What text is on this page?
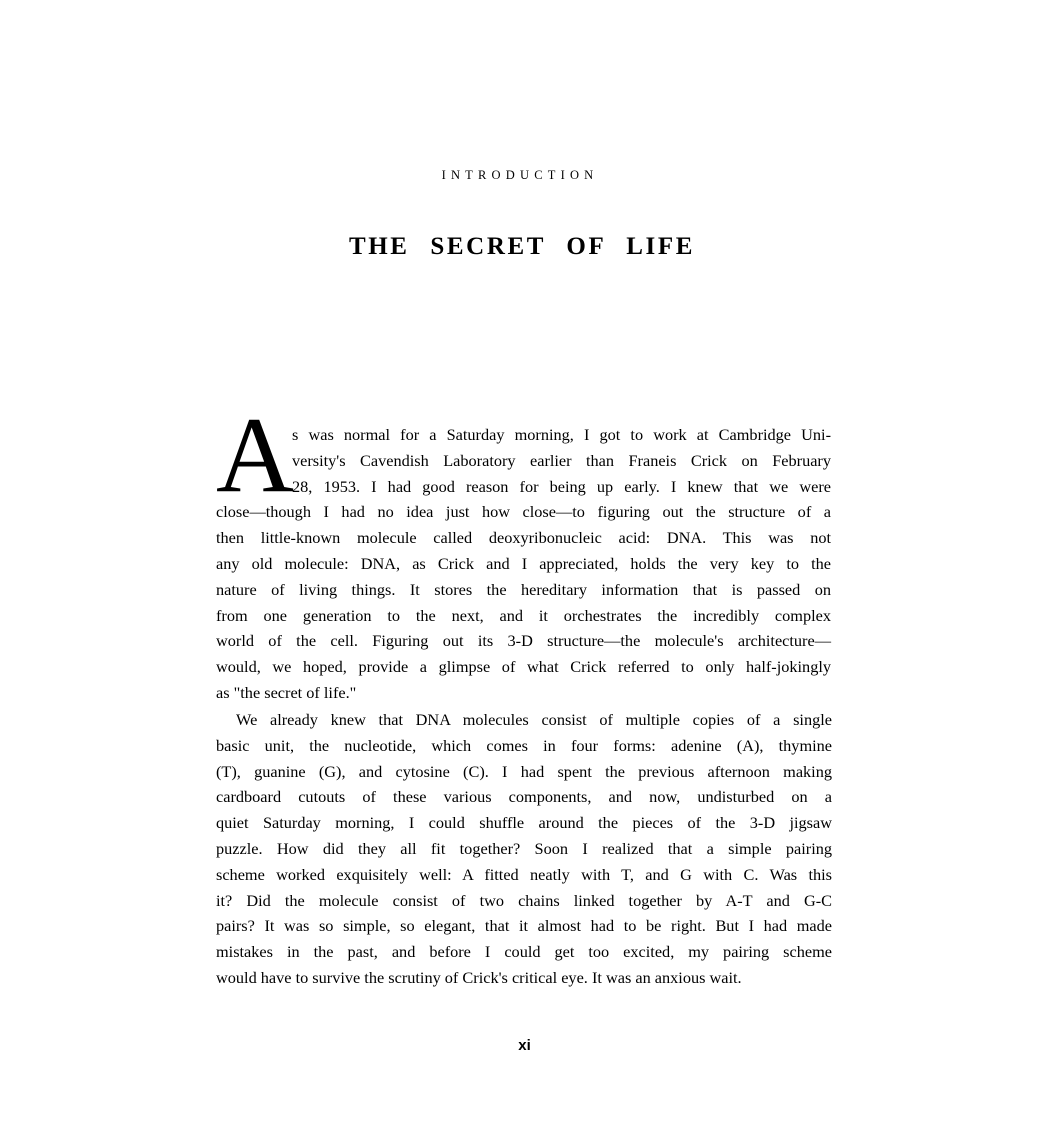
INTRODUCTION
THE SECRET OF LIFE
A
s was normal for a Saturday morning, I got to work at Cambridge Uni-
versity's Cavendish Laboratory earlier than Franeis Crick on February
28, 1953. I had good reason for being up early. I knew that we were
close—though I had no idea just how close—to figuring out the structure of a
then little-known molecule called deoxyribonucleic acid: DNA. This was not
any old molecule: DNA, as Crick and I appreciated, holds the very key to the
nature of living things. It stores the hereditary information that is passed on
from one generation to the next, and it orchestrates the incredibly complex
world of the cell. Figuring out its 3-D structure—the molecule's architecture—
would, we hoped, provide a glimpse of what Crick referred to only half-jokingly
as "the secret of life."
We already knew that DNA molecules consist of multiple copies of a single
basic unit, the nucleotide, which comes in four forms: adenine (A), thymine
(T), guanine (G), and cytosine (C). I had spent the previous afternoon making
cardboard cutouts of these various components, and now, undisturbed on a
quiet Saturday morning, I could shuffle around the pieces of the 3-D jigsaw
puzzle. How did they all fit together? Soon I realized that a simple pairing
scheme worked exquisitely well: A fitted neatly with T, and G with C. Was this
it? Did the molecule consist of two chains linked together by A-T and G-C
pairs? It was so simple, so elegant, that it almost had to be right. But I had made
mistakes in the past, and before I could get too excited, my pairing scheme
would have to survive the scrutiny of Crick's critical eye. It was an anxious wait.
xi
